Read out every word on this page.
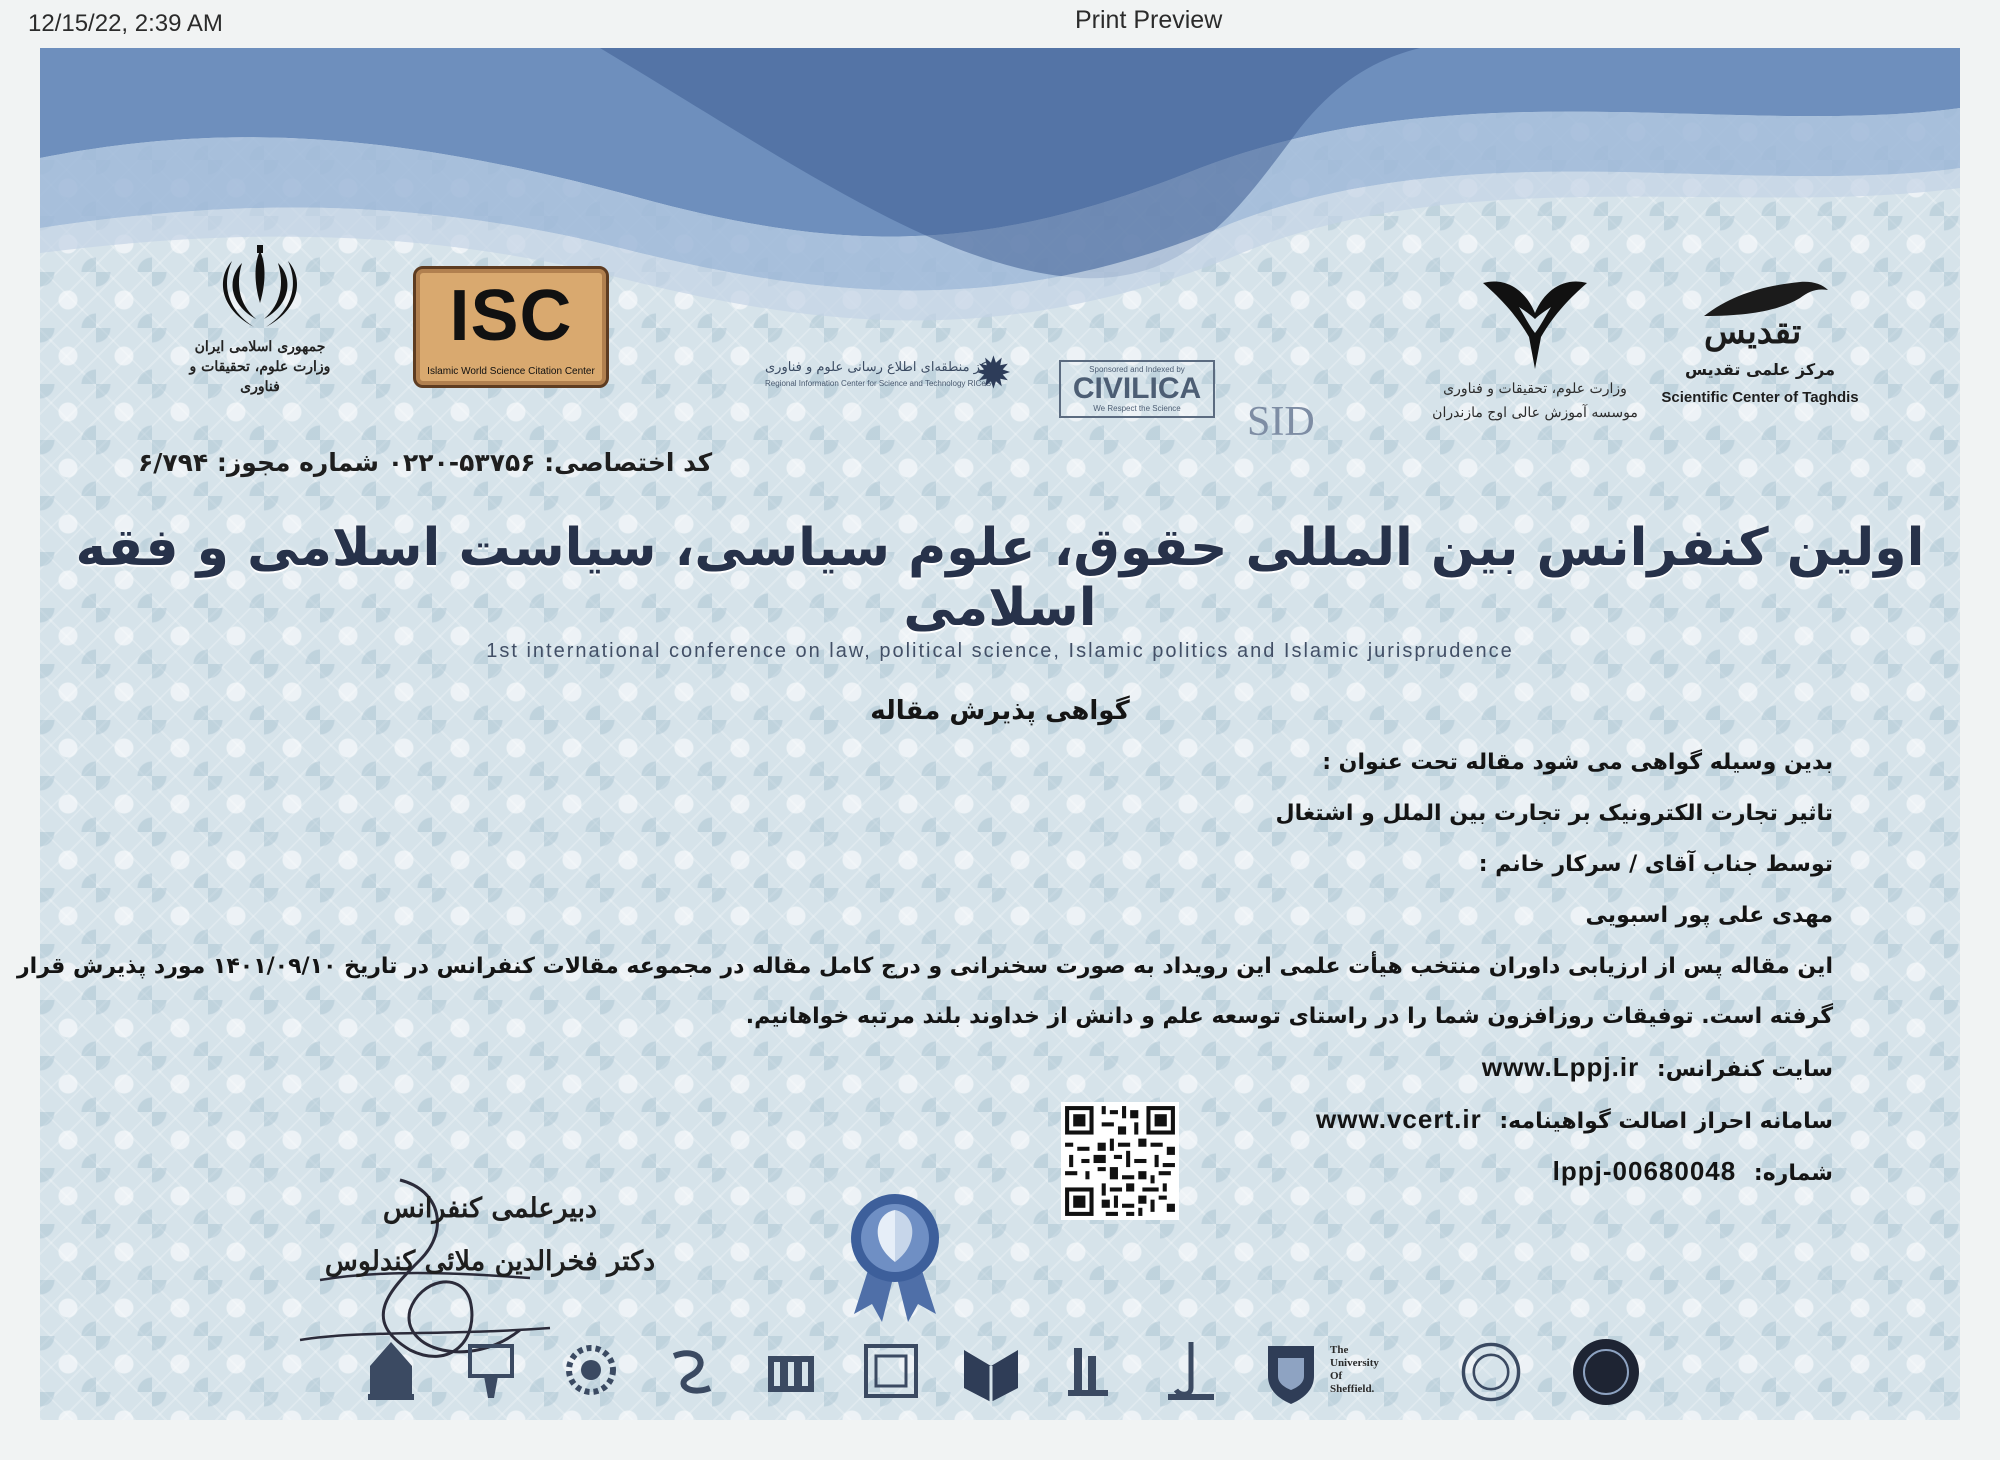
12/15/22, 2:39 AM	Print Preview
جمهوری اسلامی ایران
وزارت علوم، تحقیقات و فناوری
ISC
Islamic World Science Citation Center	✹
مرکز منطقه‌ای اطلاع رسانی علوم و فناوری
Regional Information Center for Science and Technology RICeST
Sponsored and Indexed by
CIVILICA
We Respect the Science	SID
وزارت علوم، تحقیقات و فناوری
موسسه آموزش عالی اوج مازندران
تقدیس
مرکز علمی تقدیس
Scientific Center of Taghdis
کد اختصاصی: ۵۳۷۵۶-۰۲۲۰ شماره مجوز: ۶/۷۹۴
اولین کنفرانس بین المللی حقوق، علوم سیاسی، سیاست اسلامی و فقه اسلامی
1st international conference on law, political science, Islamic politics and Islamic jurisprudence
گواهی پذیرش مقاله
بدین وسیله گواهی می شود مقاله تحت عنوان :
تاثیر تجارت الکترونیک بر تجارت بین الملل و اشتغال
توسط جناب آقای / سرکار خانم :
مهدی علی پور اسبویی
این مقاله پس از ارزیابی داوران منتخب هیأت علمی این رویداد به صورت سخنرانی و درج کامل مقاله در مجموعه مقالات کنفرانس در تاریخ ۱۴۰۱/۰۹/۱۰ مورد پذیرش قرار
گرفته است. توفیقات روزافزون شما را در راستای توسعه علم و دانش از خداوند بلند مرتبه خواهانیم.
سایت کنفرانس: www.Lppj.ir
سامانه احراز اصالت گواهینامه: www.vcert.ir
شماره: lppj-00680048
دبیرعلمی کنفرانس
دکتر فخرالدین ملائی کندلوس
The
University
Of
Sheffield.
